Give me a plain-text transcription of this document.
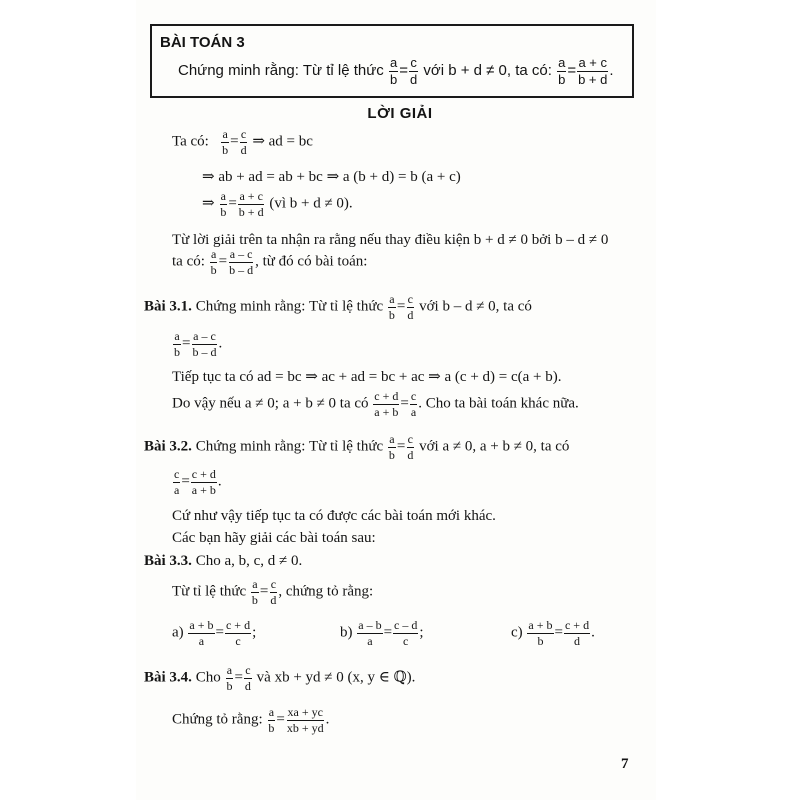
BÀI TOÁN 3
Chứng minh rằng: Từ tỉ lệ thức $\frac{a}{b} = \frac{c}{d}$ với b + d ≠ 0, ta có: $\frac{a}{b} = \frac{a + c}{b + d}$ .
LỜI GIẢI
Ta có: $\frac{a}{b} = \frac{c}{d}$ ⇒ ad = bc
⇒ ab + ad = ab + bc ⇒ a (b + d) = b (a + c)
⇒ $\frac{a}{b} = \frac{a + c}{b + d}$ (vì b + d ≠ 0).
Từ lời giải trên ta nhận ra rằng nếu thay điều kiện b + d ≠ 0 bởi b – d ≠ 0
ta có: $\frac{a}{b} = \frac{a - c}{b - d}$ , từ đó có bài toán:
Bài 3.1. Chứng minh rằng: Từ tỉ lệ thức $\frac{a}{b} = \frac{c}{d}$ với b – d ≠ 0, ta có
$\frac{a}{b} = \frac{a - c}{b - d}$ .
Tiếp tục ta có ad = bc ⇒ ac + ad = bc + ac ⇒ a (c + d) = c(a + b).
Do vậy nếu a ≠ 0; a + b ≠ 0 ta có $\frac{c + d}{a + b} = \frac{c}{a}$ . Cho ta bài toán khác nữa.
Bài 3.2. Chứng minh rằng: Từ tỉ lệ thức $\frac{a}{b} = \frac{c}{d}$ với a ≠ 0, a + b ≠ 0, ta có
$\frac{c}{a} = \frac{c + d}{a + b}$ .
Cứ như vậy tiếp tục ta có được các bài toán mới khác.
Các bạn hãy giải các bài toán sau:
Bài 3.3. Cho a, b, c, d ≠ 0.
Từ tỉ lệ thức $\frac{a}{b} = \frac{c}{d}$ , chứng tỏ rằng:
$a) \frac{a + b}{a} = \frac{c + d}{c}$ ;	$b) \frac{a - b}{a} = \frac{c - d}{c}$ ;	$c) \frac{a + b}{b} = \frac{c + d}{d}$ .
Bài 3.4. Cho $\frac{a}{b} = \frac{c}{d}$ và xb + yd ≠ 0 (x, y ∈ ℚ).
Chứng tỏ rằng: $\frac{a}{b} = \frac{xa + yc}{xb + yd}$ .
7
